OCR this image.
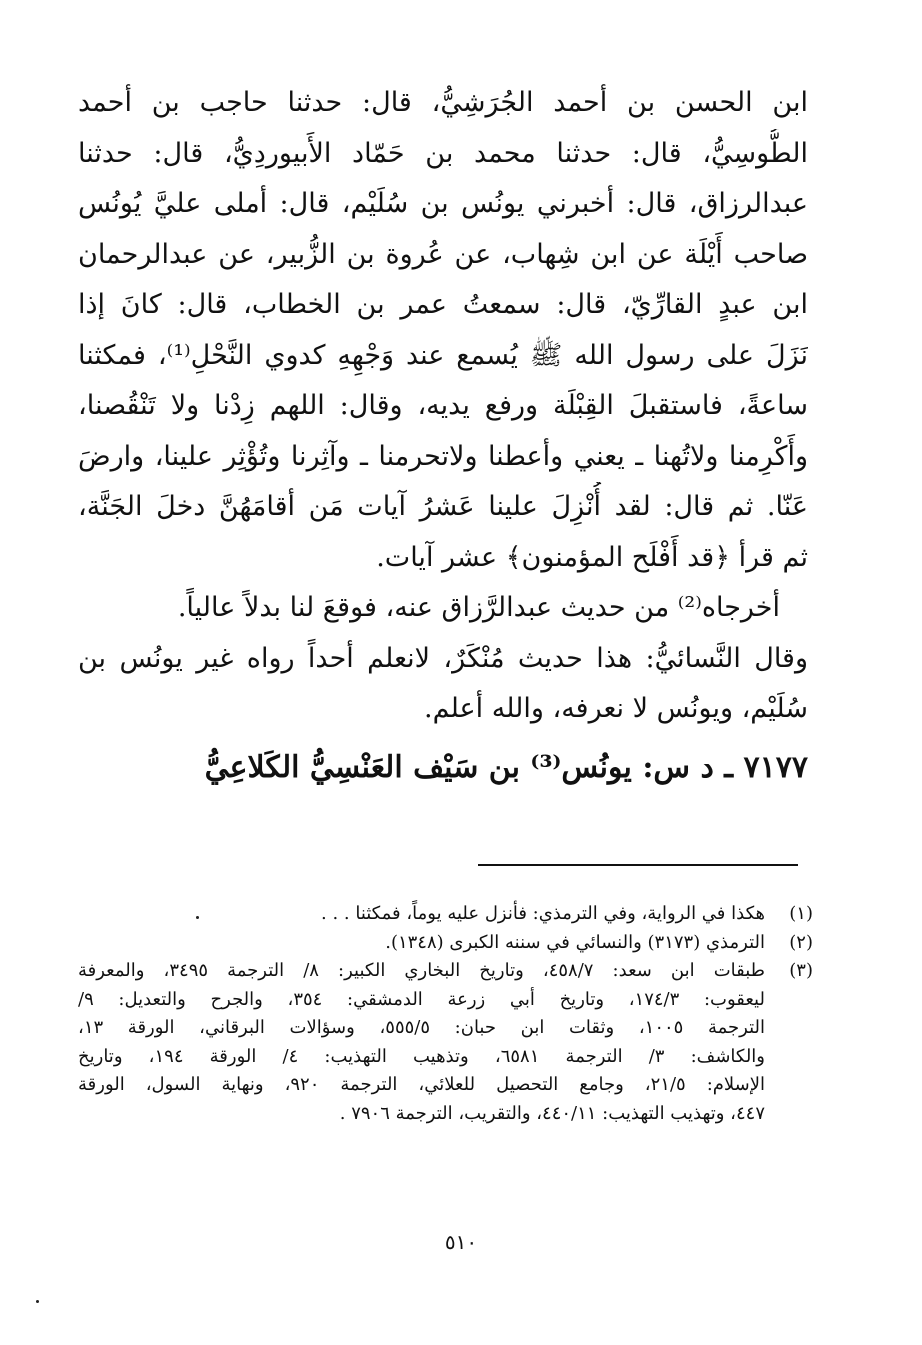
ابن الحسن بن أحمد الجُرَشِيُّ، قال: حدثنا حاجب بن أحمد
الطُّوسِيُّ، قال: حدثنا محمد بن حَمّاد الأَبيوردِيُّ، قال: حدثنا
عبدالرزاق، قال: أخبرني يونُس بن سُلَيْم، قال: أملى عليَّ يُونُس
صاحب أَيْلَة عن ابن شِهاب، عن عُروة بن الزُّبير، عن عبدالرحمان
ابن عبدٍ القارِّيّ، قال: سمعتُ عمر بن الخطاب، قال: كانَ إذا
نَزَلَ على رسول الله ﷺ يُسمع عند وَجْهِهِ كدوي النَّحْلِ⁽¹⁾، فمكثنا
ساعةً، فاستقبلَ القِبْلَة ورفع يديه، وقال: اللهم زِدْنا ولا تَنْقُصنا،
وأَكْرِمنا ولاتُهنا ـ يعني وأعطنا ولاتحرمنا ـ وآثِرنا وتُؤْثِر علينا، وارضَ
عَنّا. ثم قال: لقد أُنْزِلَ علينا عَشرُ آيات مَن أقامَهُنَّ دخلَ الجَنَّة،
ثم قرأ ﴿قد أَفْلَح المؤمنون﴾ عشر آيات.
أخرجاه⁽²⁾ من حديث عبدالرَّزاق عنه، فوقعَ لنا بدلاً عالياً.
وقال النَّسائيُّ: هذا حديث مُنْكَرٌ، لانعلم أحداً رواه غير يونُس بن
سُلَيْم، ويونُس لا نعرفه، والله أعلم.
٧١٧٧ ـ د س: يونُس⁽³⁾ بن سَيْف العَنْسِيُّ الكَلاعِيُّ
(١)
هكذا في الرواية، وفي الترمذي: فأنزل عليه يوماً، فمكثنا . . .
(٢)
الترمذي (٣١٧٣) والنسائي في سننه الكبرى (١٣٤٨).
(٣)
طبقات ابن سعد: ٤٥٨/٧، وتاريخ البخاري الكبير: ٨/ الترجمة ٣٤٩٥، والمعرفة
ليعقوب: ١٧٤/٣، وتاريخ أبي زرعة الدمشقي: ٣٥٤، والجرح والتعديل: ٩/
الترجمة ١٠٠٥، وثقات ابن حبان: ٥٥٥/٥، وسؤالات البرقاني، الورقة ١٣،
والكاشف: ٣/ الترجمة ٦٥٨١، وتذهيب التهذيب: ٤/ الورقة ١٩٤، وتاريخ
الإسلام: ٢١/٥، وجامع التحصيل للعلائي، الترجمة ٩٢٠، ونهاية السول، الورقة
٤٤٧، وتهذيب التهذيب: ٤٤٠/١١، والتقريب، الترجمة ٧٩٠٦ .
٥١٠
